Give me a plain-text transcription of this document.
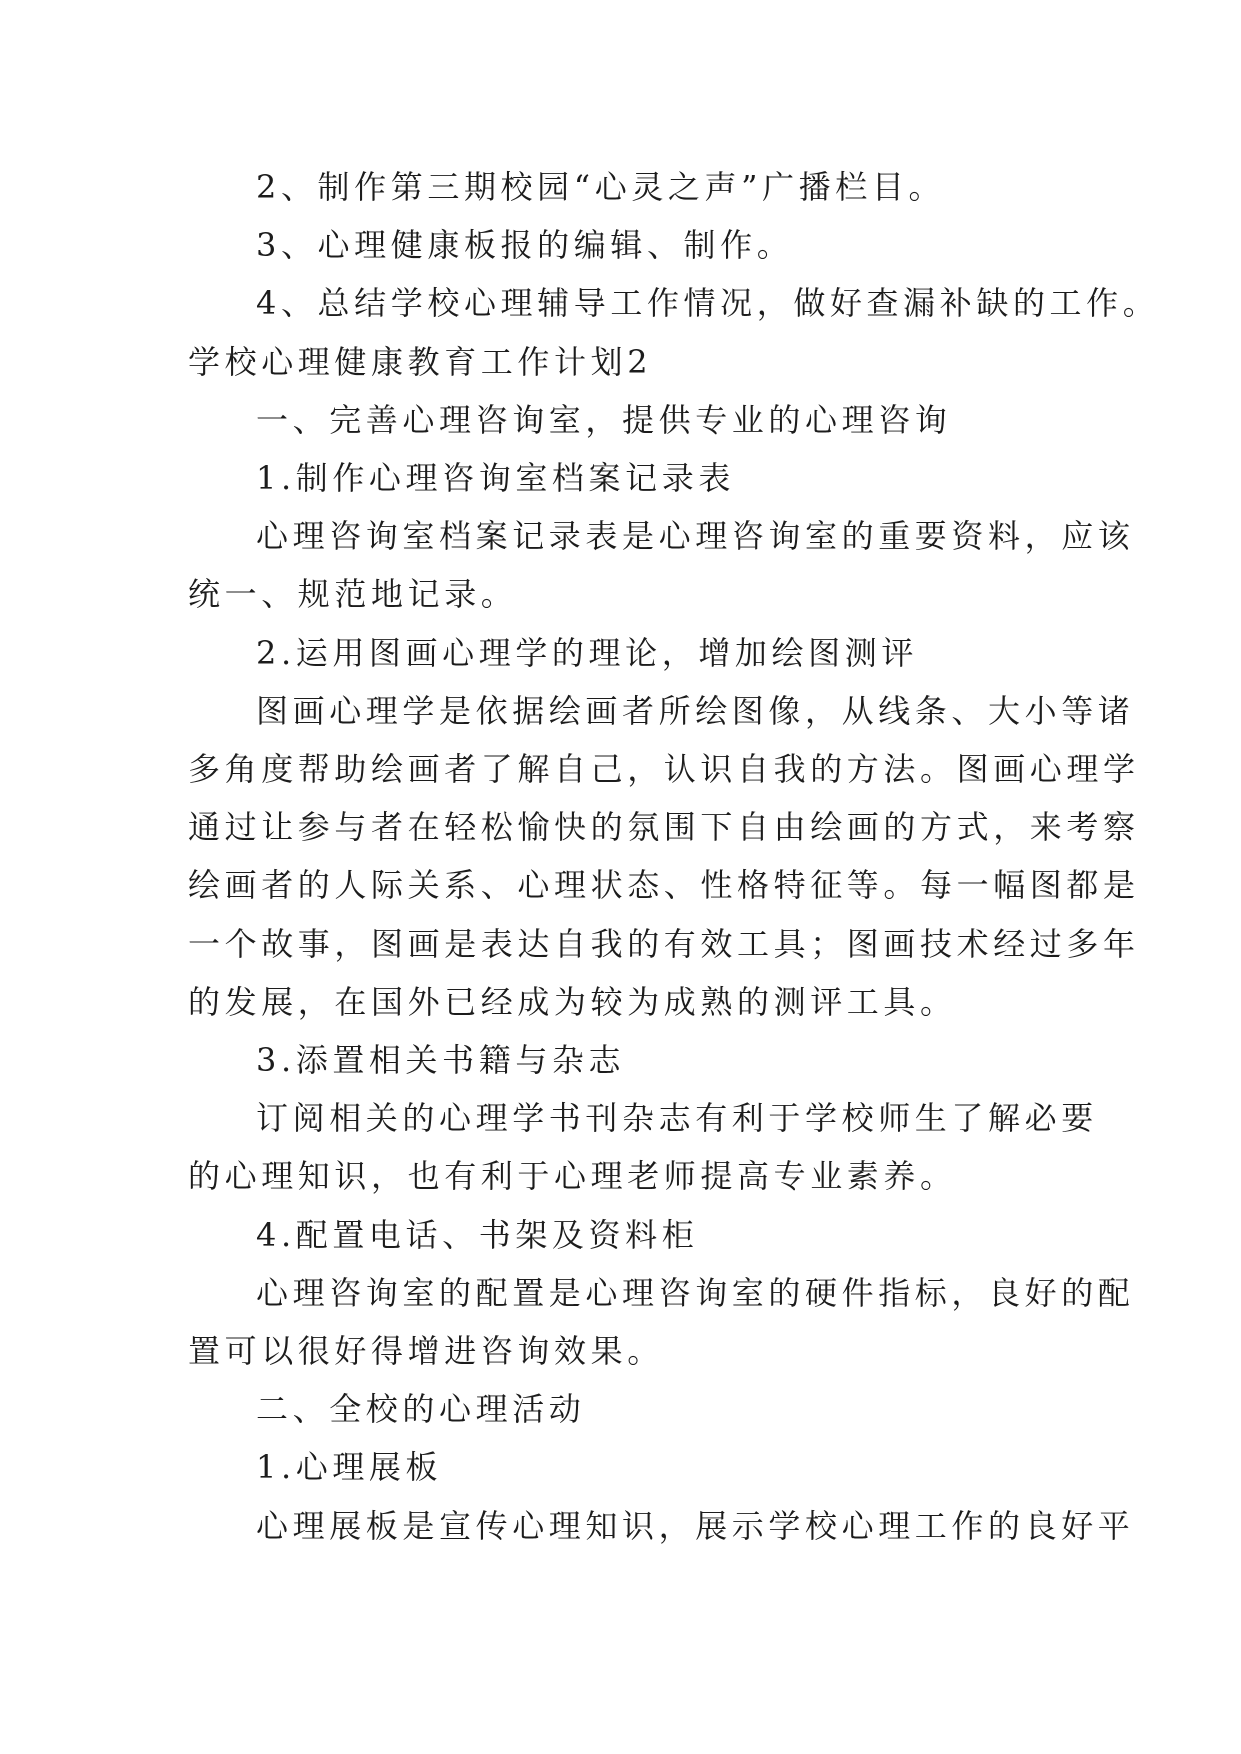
2、制作第三期校园“心灵之声”广播栏目。

3、心理健康板报的编辑、制作。

4、总结学校心理辅导工作情况，做好查漏补缺的工作。

学校心理健康教育工作计划2

一、完善心理咨询室，提供专业的心理咨询

1.制作心理咨询室档案记录表

心理咨询室档案记录表是心理咨询室的重要资料，应该

统一、规范地记录。

2.运用图画心理学的理论，增加绘图测评

图画心理学是依据绘画者所绘图像，从线条、大小等诸

多角度帮助绘画者了解自己，认识自我的方法。图画心理学

通过让参与者在轻松愉快的氛围下自由绘画的方式，来考察

绘画者的人际关系、心理状态、性格特征等。每一幅图都是

一个故事，图画是表达自我的有效工具；图画技术经过多年

的发展，在国外已经成为较为成熟的测评工具。

3.添置相关书籍与杂志

订阅相关的心理学书刊杂志有利于学校师生了解必要

的心理知识，也有利于心理老师提高专业素养。

4.配置电话、书架及资料柜

心理咨询室的配置是心理咨询室的硬件指标，良好的配

置可以很好得增进咨询效果。

二、全校的心理活动

1.心理展板

心理展板是宣传心理知识，展示学校心理工作的良好平
